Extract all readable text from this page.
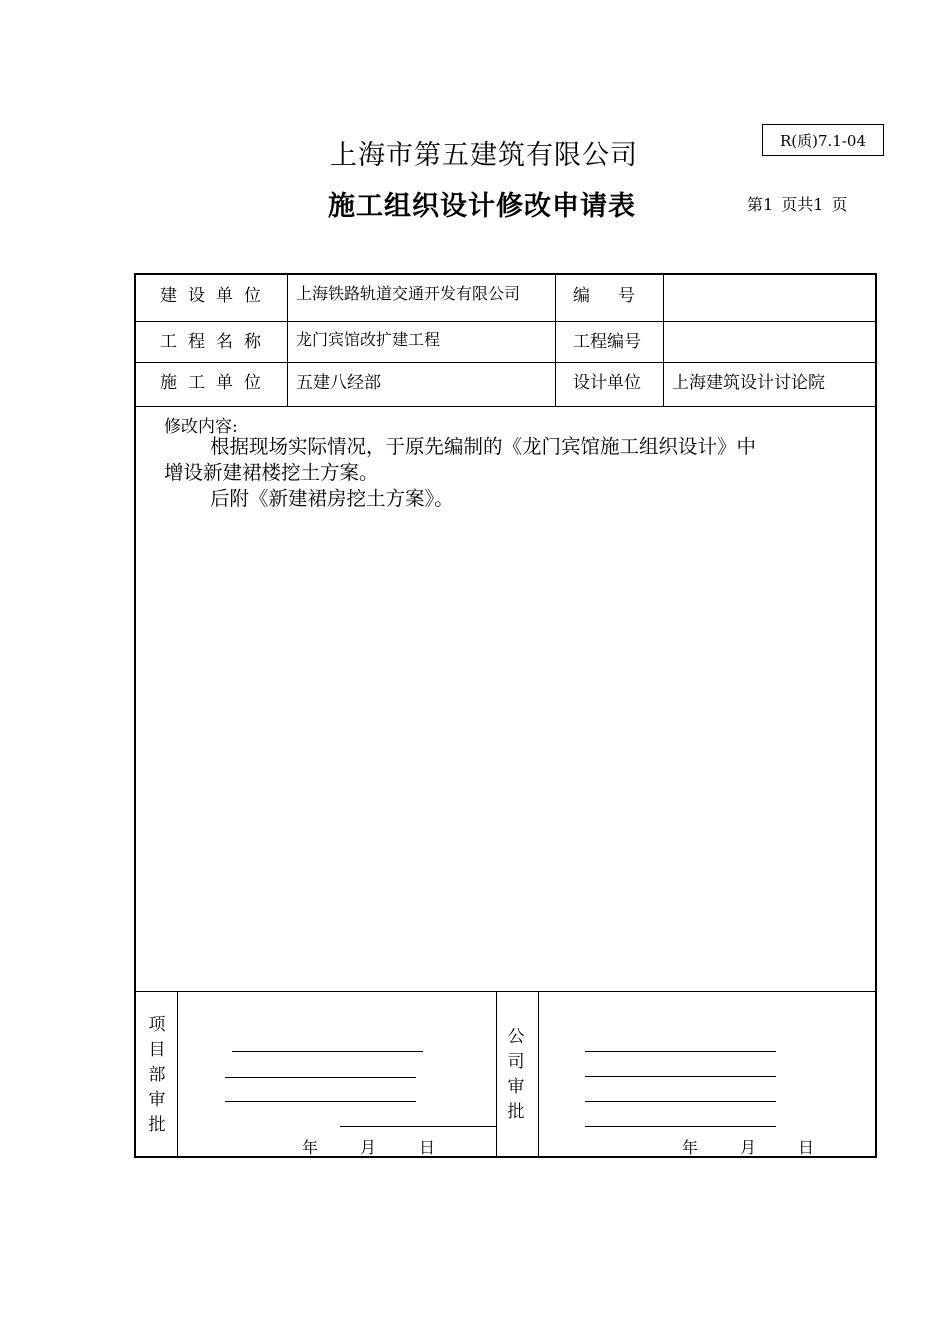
上海市第五建筑有限公司	R(质)7.1-04
施工组织设计修改申请表	第1 页共1 页
建设单位 上海铁路轨道交通开发有限公司	编号
工程名称 龙门宾馆改扩建工程	工程编号
施工单位 五建八经部	设计单位 上海建筑设计讨论院
修改内容:
根据现场实际情况，于原先编制的《龙门宾馆施工组织设计》中
增设新建裙楼挖土方案。
后附《新建裙房挖土方案》。
项
目
部
审
批
年	月	日
公
司
审
批
年	月	日
